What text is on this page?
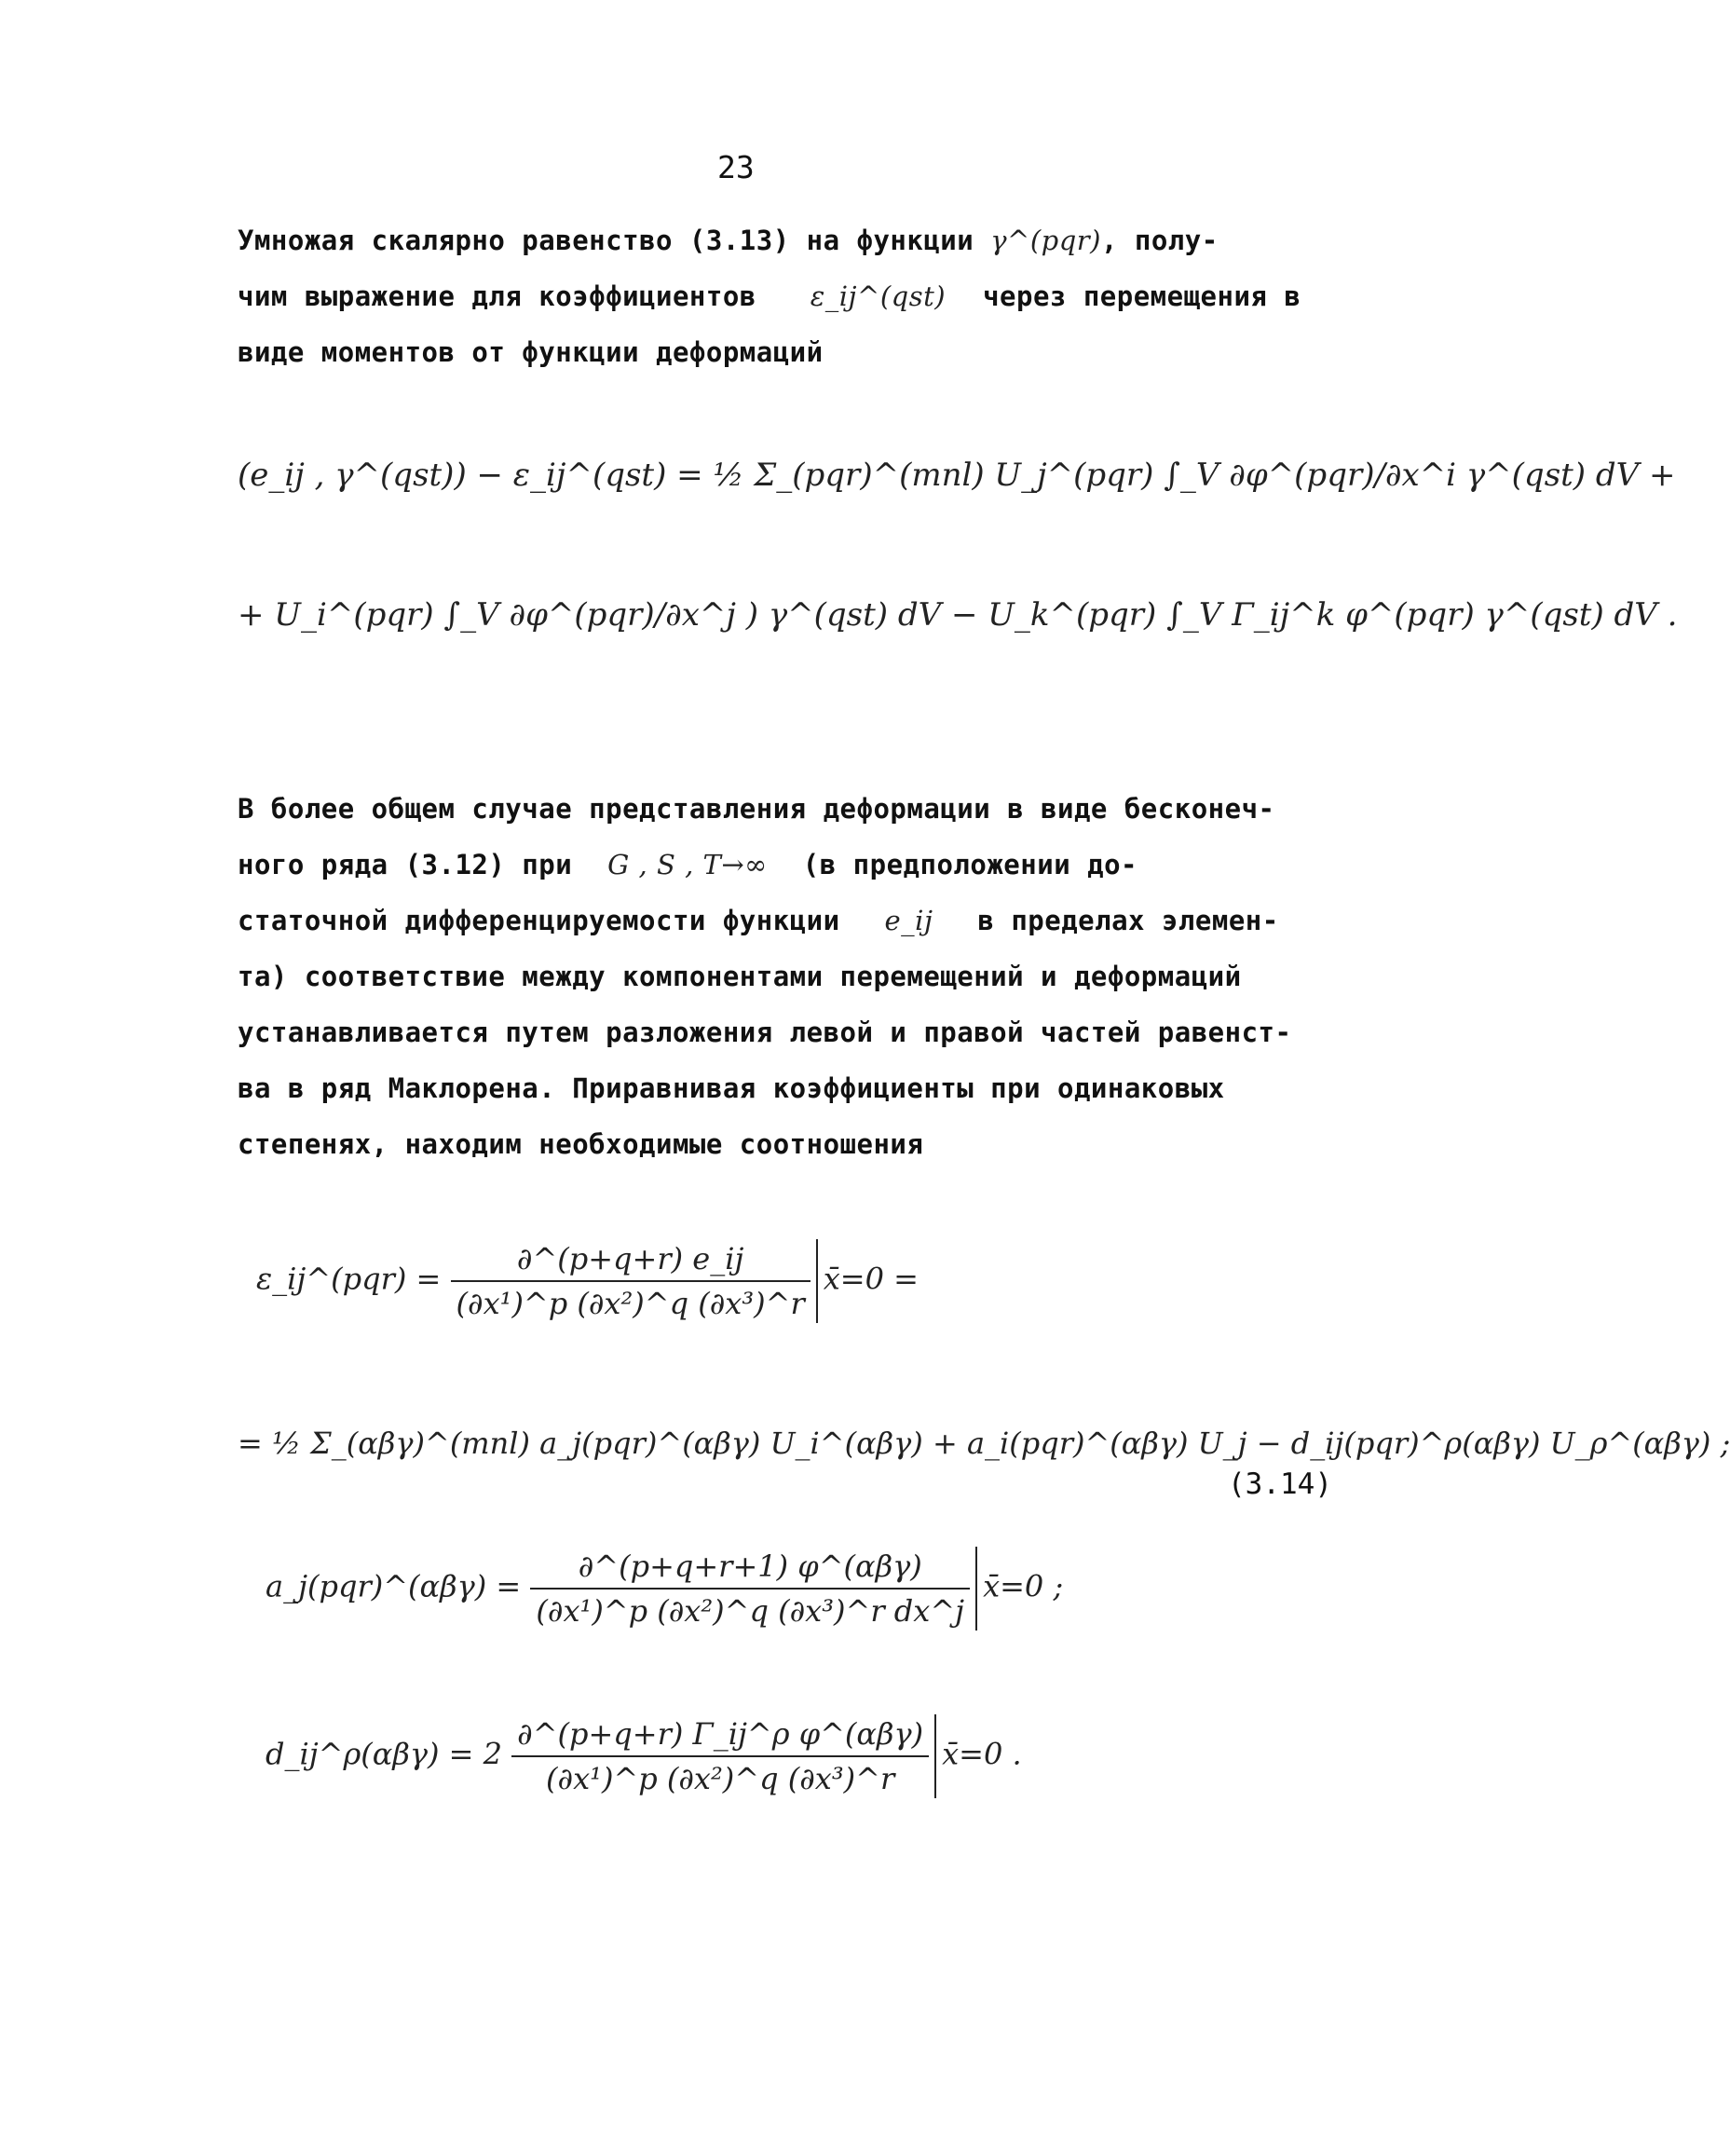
23
Умножая скалярно равенство (3.13) на функции γ^(pqr), полу-
чим выражение для коэффициентов ε_ij^(qst) через перемещения в
виде моментов от функции деформаций
(e_ij , γ^(qst)) − ε_ij^(qst) = ½ Σ_(pqr)^(mnl) U_j^(pqr) ∫_V ∂φ^(pqr)/∂x^i γ^(qst) dV +
+ U_i^(pqr) ∫_V ∂φ^(pqr)/∂x^j ) γ^(qst) dV − U_k^(pqr) ∫_V Γ_ij^k φ^(pqr) γ^(qst) dV .
В более общем случае представления деформации в виде бесконеч-
ного ряда (3.12) при G , S , T→∞ (в предположении до-
статочной дифференцируемости функции e_ij в пределах элемен-
та) соответствие между компонентами перемещений и деформаций
устанавливается путем разложения левой и правой частей равенст-
ва в ряд Маклорена. Приравнивая коэффициенты при одинаковых
степенях, находим необходимые соотношения
ε_ij^(pqr) = $\frac{\partial\^{}(p+q+r) e\_ij}{\text{(∂x¹)\textasciicircum{}p (∂x²)\textasciicircum{}q (∂x³)\textasciicircum{}r}}$ x̄=0 =
= ½ Σ_(αβγ)^(mnl) a_j(pqr)^(αβγ) U_i^(αβγ) + a_i(pqr)^(αβγ) U_j − d_ij(pqr)^ρ(αβγ) U_ρ^(αβγ) ;
(3.14)
a_j(pqr)^(αβγ) = $\frac{\text{∂\textasciicircum{}(p+q+r+1) φ\textasciicircum{}(αβγ)}}{\text{(∂x¹)\textasciicircum{}p (∂x²)\textasciicircum{}q (∂x³)\textasciicircum{}r dx\textasciicircum{}j}}$ x̄=0 ;
d_ij^ρ(αβγ) = $2 \frac{\text{∂\textasciicircum{}(p+q+r) Γ\_ij\textasciicircum{}ρ φ\textasciicircum{}(αβγ)}}{\text{(∂x¹)\textasciicircum{}p (∂x²)\textasciicircum{}q (∂x³)\textasciicircum{}r}}$ x̄=0 .
